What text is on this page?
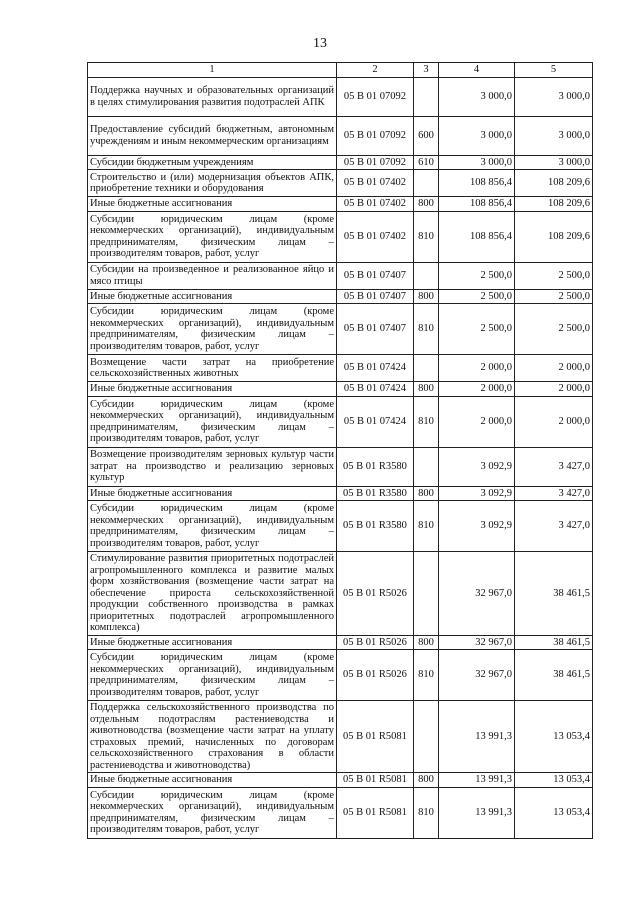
13
1	2	3	4	5
Поддержка научных и образовательных организаций в целях стимулирования развития подотраслей АПК	05 В 01 07092		3 000,0	3 000,0
Предоставление субсидий бюджетным, автономным учреждениям и иным некоммерческим организациям	05 В 01 07092	600	3 000,0	3 000,0
Субсидии бюджетным учреждениям	05 В 01 07092	610	3 000,0	3 000,0
Строительство и (или) модернизация объектов АПК, приобретение техники и оборудования	05 В 01 07402		108 856,4	108 209,6
Иные бюджетные ассигнования	05 В 01 07402	800	108 856,4	108 209,6
Субсидии юридическим лицам (кроме некоммерческих организаций), индивидуальным предпринимателям, физическим лицам – производителям товаров, работ, услуг	05 В 01 07402	810	108 856,4	108 209,6
Субсидии на произведенное и реализованное яйцо и мясо птицы	05 В 01 07407		2 500,0	2 500,0
Иные бюджетные ассигнования	05 В 01 07407	800	2 500,0	2 500,0
Субсидии юридическим лицам (кроме некоммерческих организаций), индивидуальным предпринимателям, физическим лицам – производителям товаров, работ, услуг	05 В 01 07407	810	2 500,0	2 500,0
Возмещение части затрат на приобретение сельскохозяйственных животных	05 В 01 07424		2 000,0	2 000,0
Иные бюджетные ассигнования	05 В 01 07424	800	2 000,0	2 000,0
Субсидии юридическим лицам (кроме некоммерческих организаций), индивидуальным предпринимателям, физическим лицам – производителям товаров, работ, услуг	05 В 01 07424	810	2 000,0	2 000,0
Возмещение производителям зерновых культур части затрат на производство и реализацию зерновых культур	05 В 01 R3580		3 092,9	3 427,0
Иные бюджетные ассигнования	05 В 01 R3580	800	3 092,9	3 427,0
Субсидии юридическим лицам (кроме некоммерческих организаций), индивидуальным предпринимателям, физическим лицам – производителям товаров, работ, услуг	05 В 01 R3580	810	3 092,9	3 427,0
Стимулирование развития приоритетных подотраслей агропромышленного комплекса и развитие малых форм хозяйствования (возмещение части затрат на обеспечение прироста сельскохозяйственной продукции собственного производства в рамках приоритетных подотраслей агропромышленного комплекса)	05 В 01 R5026		32 967,0	38 461,5
Иные бюджетные ассигнования	05 В 01 R5026	800	32 967,0	38 461,5
Субсидии юридическим лицам (кроме некоммерческих организаций), индивидуальным предпринимателям, физическим лицам – производителям товаров, работ, услуг	05 В 01 R5026	810	32 967,0	38 461,5
Поддержка сельскохозяйственного производства по отдельным подотраслям растениеводства и животноводства (возмещение части затрат на уплату страховых премий, начисленных по договорам сельскохозяйственного страхования в области растениеводства и животноводства)	05 В 01 R5081		13 991,3	13 053,4
Иные бюджетные ассигнования	05 В 01 R5081	800	13 991,3	13 053,4
Субсидии юридическим лицам (кроме некоммерческих организаций), индивидуальным предпринимателям, физическим лицам – производителям товаров, работ, услуг	05 В 01 R5081	810	13 991,3	13 053,4
